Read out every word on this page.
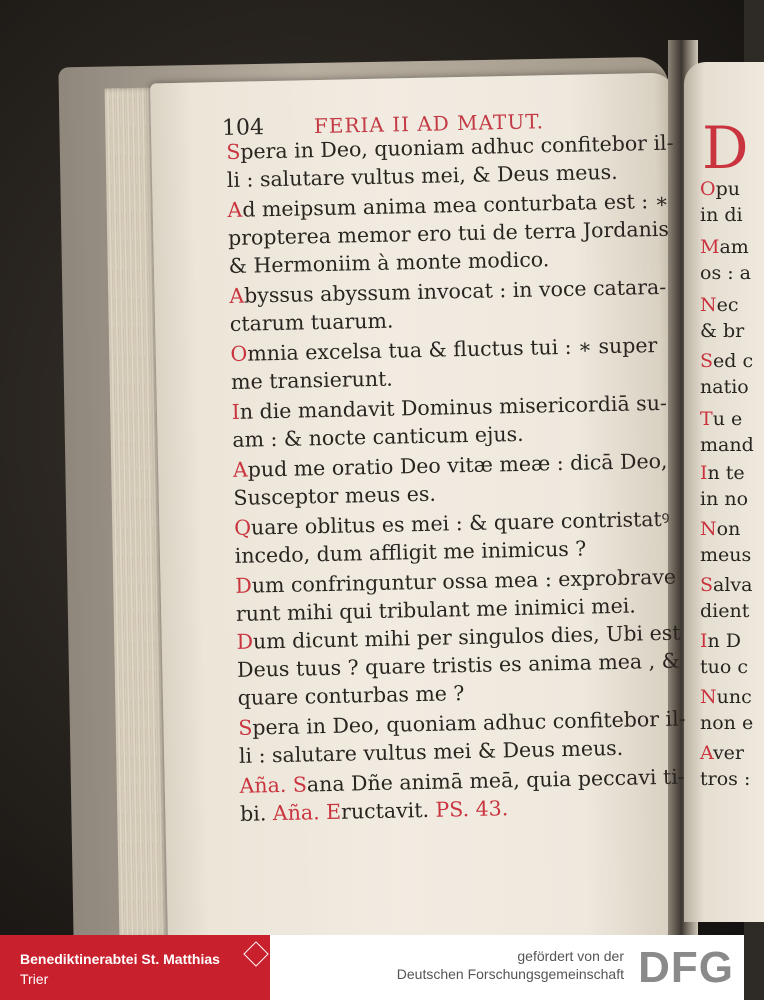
104 FERIA II AD MATUT.
Spera in Deo, quoniam adhuc confitebor il-
li : salutare vultus mei, & Deus meus.
Ad meipsum anima mea conturbata est : ∗
propterea memor ero tui de terra Jordanis
& Hermoniim à monte modico.
Abyssus abyssum invocat : in voce catara-
ctarum tuarum.
Omnia excelsa tua & fluctus tui : ∗ super
me transierunt.
In die mandavit Dominus misericordiā su-
am : & nocte canticum ejus.
Apud me oratio Deo vitæ meæ : dicā Deo,
Susceptor meus es.
Quare oblitus es mei : & quare contristatꝰ
incedo, dum affligit me inimicus ?
Dum confringuntur ossa mea : exprobrave
runt mihi qui tribulant me inimici mei.
Dum dicunt mihi per singulos dies, Ubi est
Deus tuus ? quare tristis es anima mea , &
quare conturbas me ?
Spera in Deo, quoniam adhuc confitebor il-
li : salutare vultus mei & Deus meus.
Aña. Sana Dñe animā meā, quia peccavi ti-
bi. Aña. Eructavit. PS. 43.
D
Opu
in di
Mam
os : a
Nec
& br
Sed c
natio
Tu e
mand
In te
in no
Non
meus
Salva
dient
In D
tuo c
Nunc
non e
Aver
tros :
Benediktinerabtei St. Matthias
Trier
gefördert von der
Deutschen Forschungsgemeinschaft DFG
